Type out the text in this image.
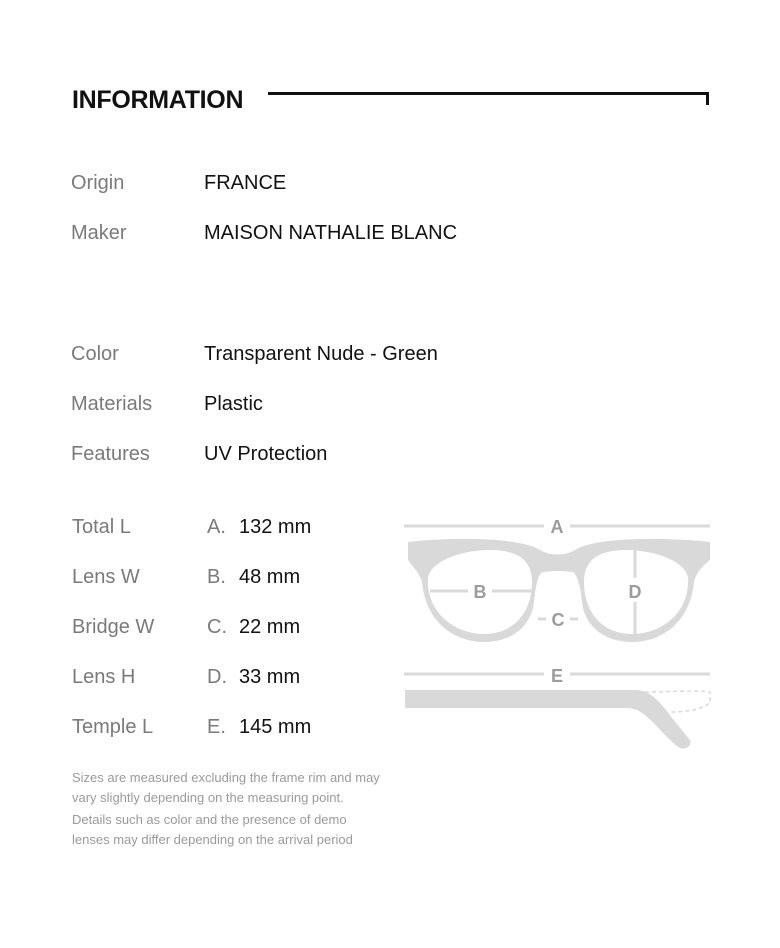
INFORMATION
Origin	FRANCE
Maker	MAISON NATHALIE BLANC
Color	Transparent Nude - Green
Materials	Plastic
Features	UV Protection
Total L	A. 132 mm
Lens W	B. 48 mm
Bridge W	C. 22 mm
Lens H	D. 33 mm
Temple L	E. 145 mm
A
B	D
C
E
Sizes are measured excluding the frame rim and may
vary slightly depending on the measuring point.
Details such as color and the presence of demo
lenses may differ depending on the arrival period
